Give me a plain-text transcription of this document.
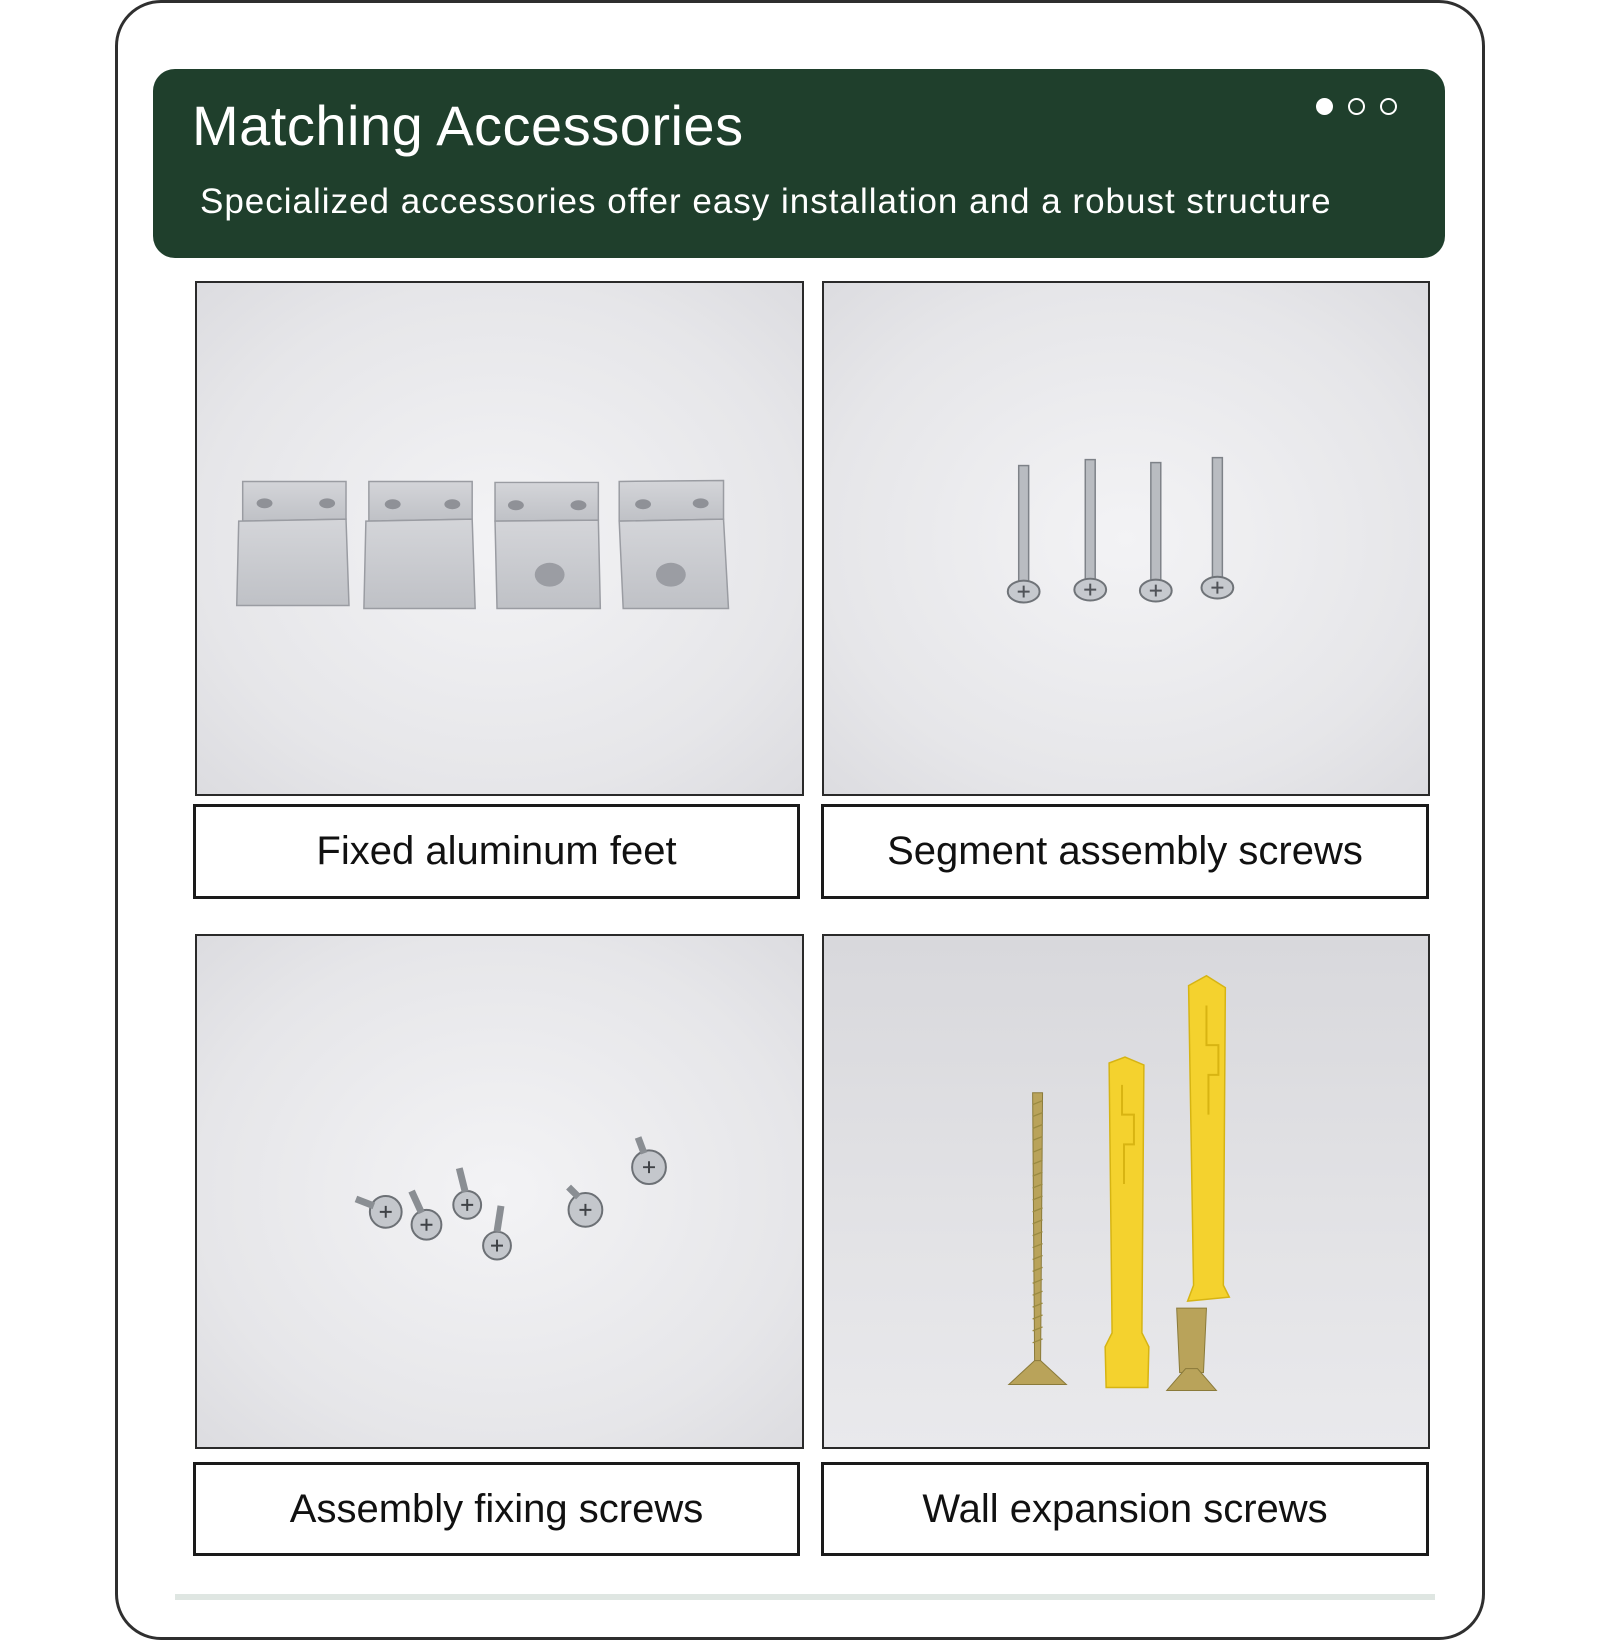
Matching Accessories

Specialized accessories offer easy installation and a robust structure

Fixed aluminum feet	Segment assembly screws
Assembly fixing screws	Wall expansion screws
